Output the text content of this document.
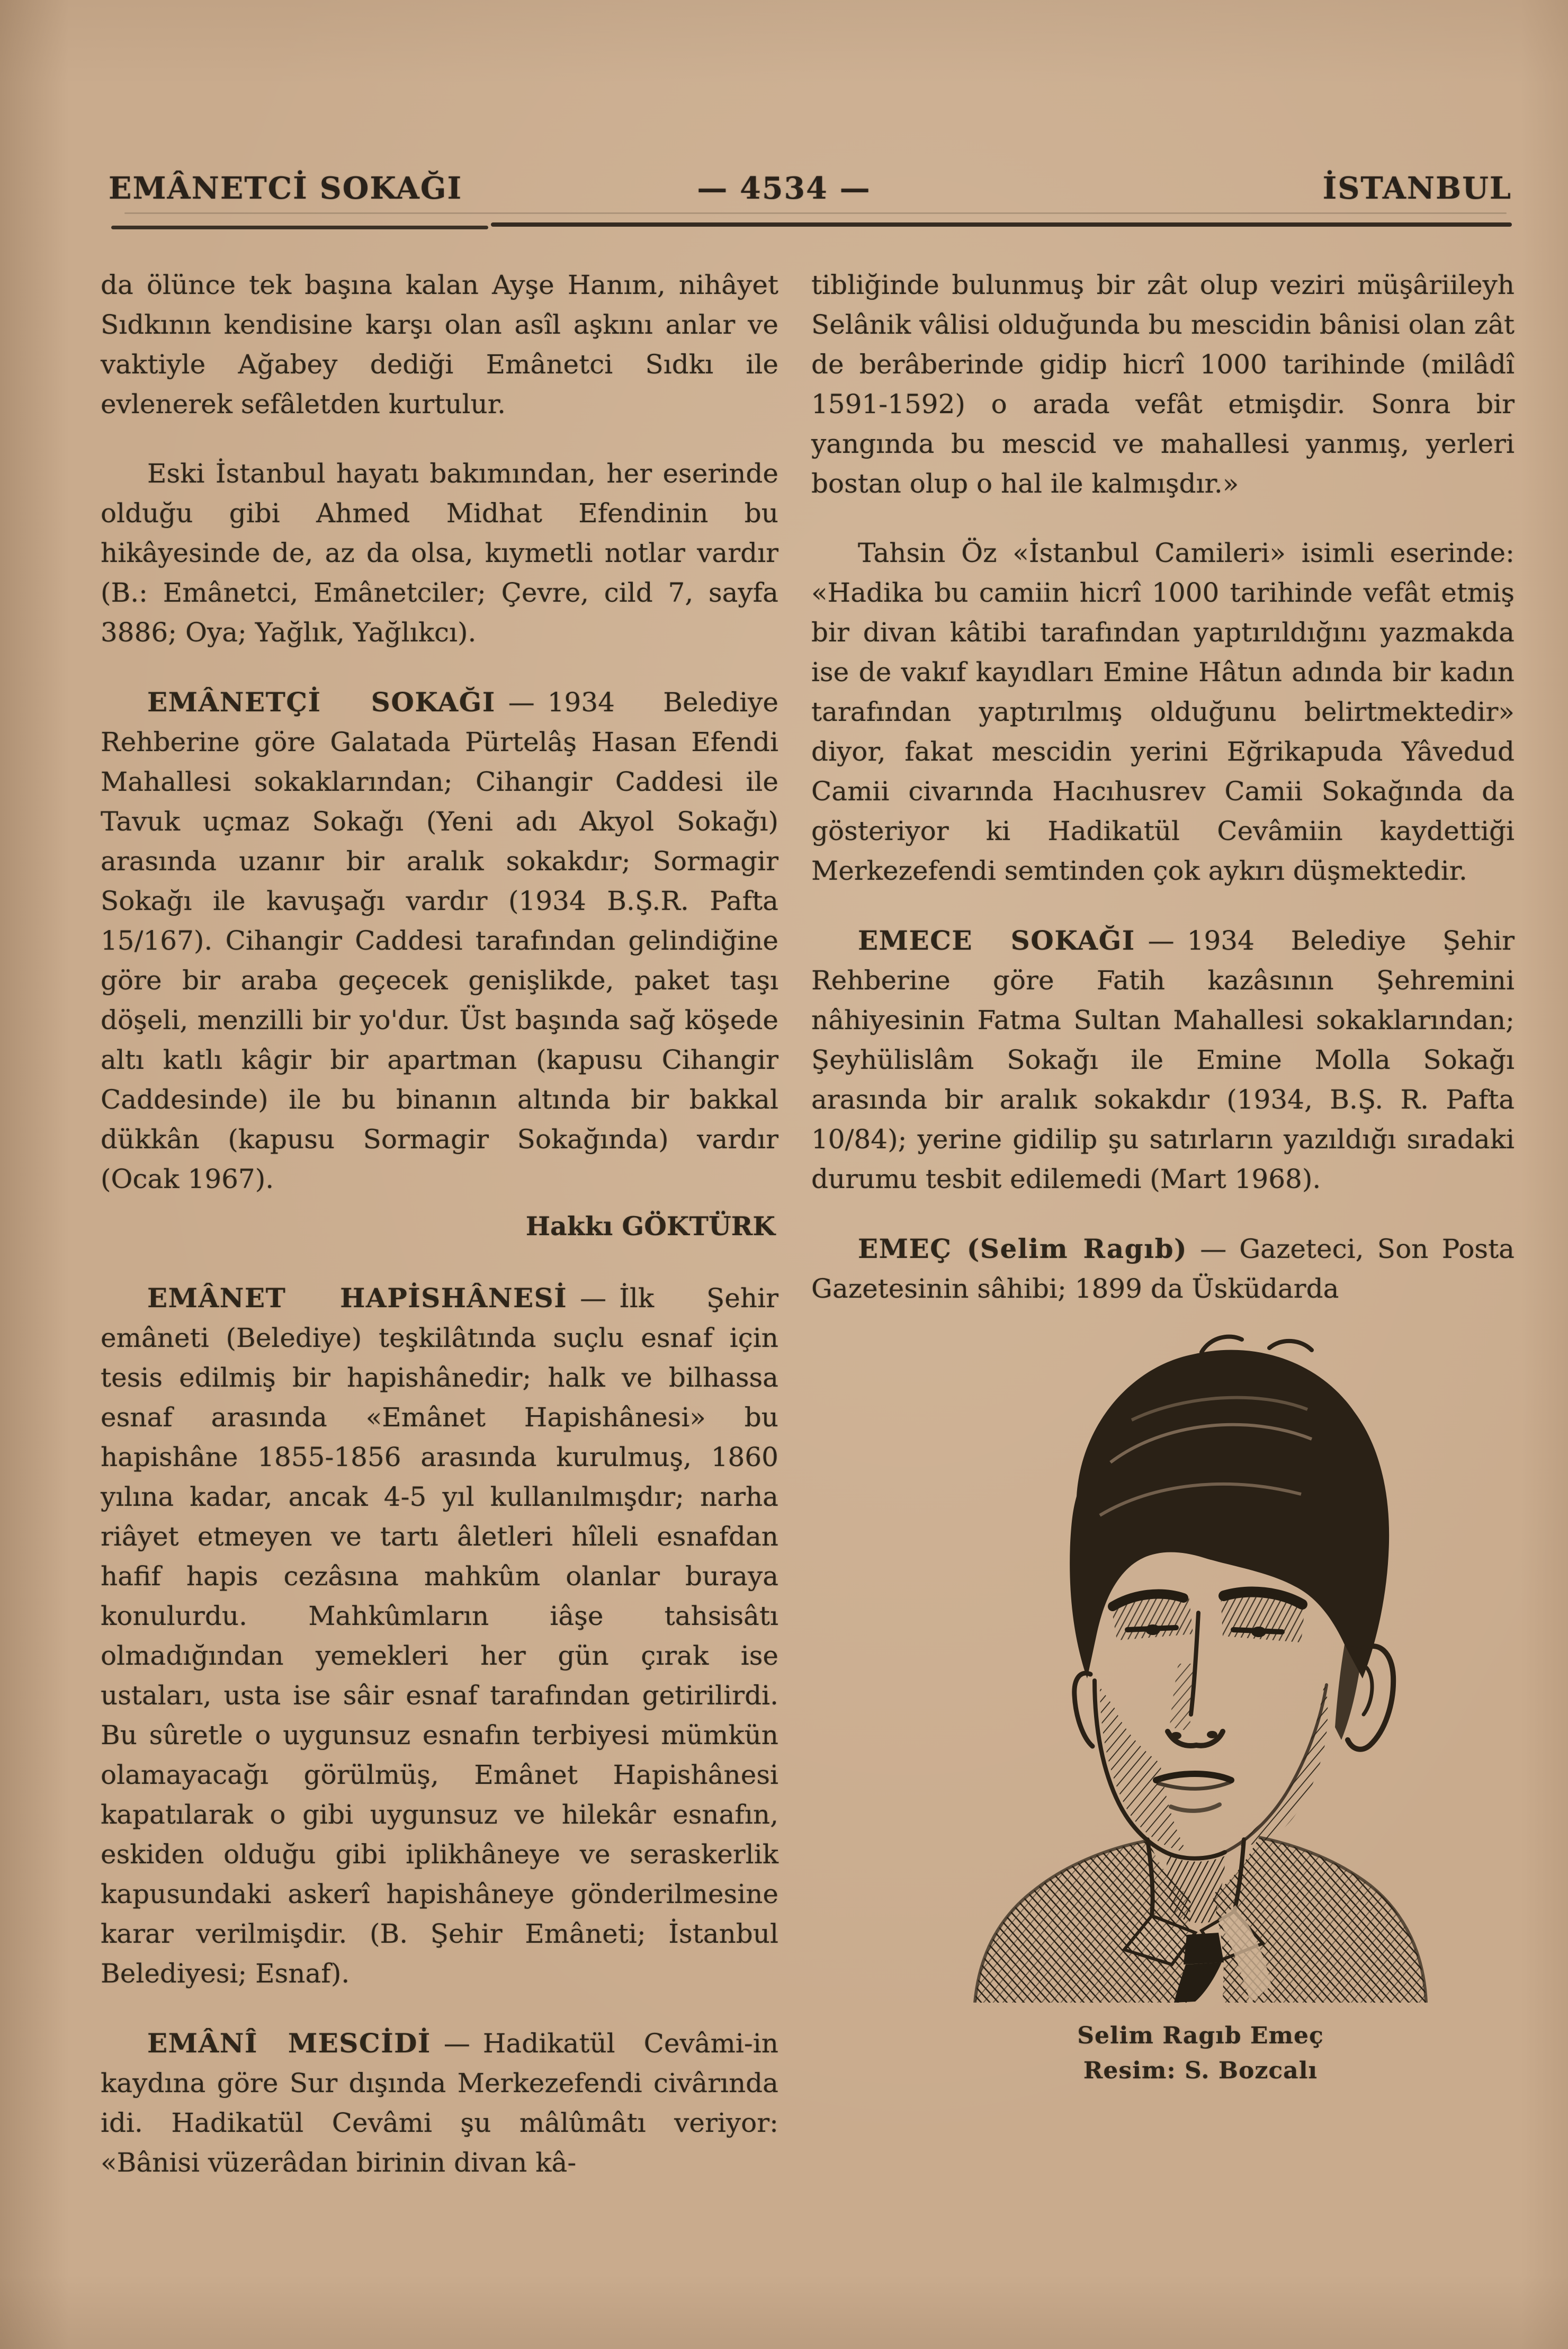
EMÂNETCİ SOKAĞI	— 4534 —	İSTANBUL

da ölünce tek başına kalan Ayşe Hanım, nihâyet Sıdkının kendisine karşı olan asîl aşkını anlar ve vaktiyle Ağabey dediği Emânetci Sıdkı ile evlenerek sefâletden kurtulur.

Eski İstanbul hayatı bakımından, her eserinde olduğu gibi Ahmed Midhat Efendinin bu hikâyesinde de, az da olsa, kıymetli notlar vardır (B.: Emânetci, Emânetciler; Çevre, cild 7, sayfa 3886; Oya; Yağlık, Yağlıkcı).

EMÂNETÇİ SOKAĞI — 1934 Belediye Rehberine göre Galatada Pürtelâş Hasan Efendi Mahallesi sokaklarından; Cihangir Caddesi ile Tavuk uçmaz Sokağı (Yeni adı Akyol Sokağı) arasında uzanır bir aralık sokakdır; Sormagir Sokağı ile kavuşağı vardır (1934 B.Ş.R. Pafta 15/167). Cihangir Caddesi tarafından gelindiğine göre bir araba geçecek genişlikde, paket taşı döşeli, menzilli bir yo'dur. Üst başında sağ köşede altı katlı kâgir bir apartman (kapusu Cihangir Caddesinde) ile bu binanın altında bir bakkal dükkân (kapusu Sormagir Sokağında) vardır (Ocak 1967).

Hakkı GÖKTÜRK

EMÂNET HAPİSHÂNESİ — İlk Şehir emâneti (Belediye) teşkilâtında suçlu esnaf için tesis edilmiş bir hapishânedir; halk ve bilhassa esnaf arasında «Emânet Hapishânesi» bu hapishâne 1855-1856 arasında kurulmuş, 1860 yılına kadar, ancak 4-5 yıl kullanılmışdır; narha riâyet etmeyen ve tartı âletleri hîleli esnafdan hafif hapis cezâsına mahkûm olanlar buraya konulurdu. Mahkûmların iâşe tahsisâtı olmadığından yemekleri her gün çırak ise ustaları, usta ise sâir esnaf tarafından getirilirdi. Bu sûretle o uygunsuz esnafın terbiyesi mümkün olamayacağı görülmüş, Emânet Hapishânesi kapatılarak o gibi uygunsuz ve hilekâr esnafın, eskiden olduğu gibi iplikhâneye ve seraskerlik kapusundaki askerî hapishâneye gönderilmesine karar verilmişdir. (B. Şehir Emâneti; İstanbul Belediyesi; Esnaf).

EMÂNÎ MESCİDİ — Hadikatül Cevâmi-in kaydına göre Sur dışında Merkezefendi civârında idi. Hadikatül Cevâmi şu mâlûmâtı veriyor: «Bânisi vüzerâdan birinin divan kâ-

tibliğinde bulunmuş bir zât olup veziri müşâriileyh Selânik vâlisi olduğunda bu mescidin bânisi olan zât de berâberinde gidip hicrî 1000 tarihinde (milâdî 1591-1592) o arada vefât etmişdir. Sonra bir yangında bu mescid ve mahallesi yanmış, yerleri bostan olup o hal ile kalmışdır.»

Tahsin Öz «İstanbul Camileri» isimli eserinde: «Hadika bu camiin hicrî 1000 tarihinde vefât etmiş bir divan kâtibi tarafından yaptırıldığını yazmakda ise de vakıf kayıdları Emine Hâtun adında bir kadın tarafından yaptırılmış olduğunu belirtmektedir» diyor, fakat mescidin yerini Eğrikapuda Yâvedud Camii civarında Hacıhusrev Camii Sokağında da gösteriyor ki Hadikatül Cevâmiin kaydettiği Merkezefendi semtinden çok aykırı düşmektedir.

EMECE SOKAĞI — 1934 Belediye Şehir Rehberine göre Fatih kazâsının Şehremini nâhiyesinin Fatma Sultan Mahallesi sokaklarından; Şeyhülislâm Sokağı ile Emine Molla Sokağı arasında bir aralık sokakdır (1934, B.Ş. R. Pafta 10/84); yerine gidilip şu satırların yazıldığı sıradaki durumu tesbit edilemedi (Mart 1968).

EMEÇ (Selim Ragıb) — Gazeteci, Son Posta Gazetesinin sâhibi; 1899 da Üsküdarda

Selim Ragıb Emeç
Resim: S. Bozcalı
